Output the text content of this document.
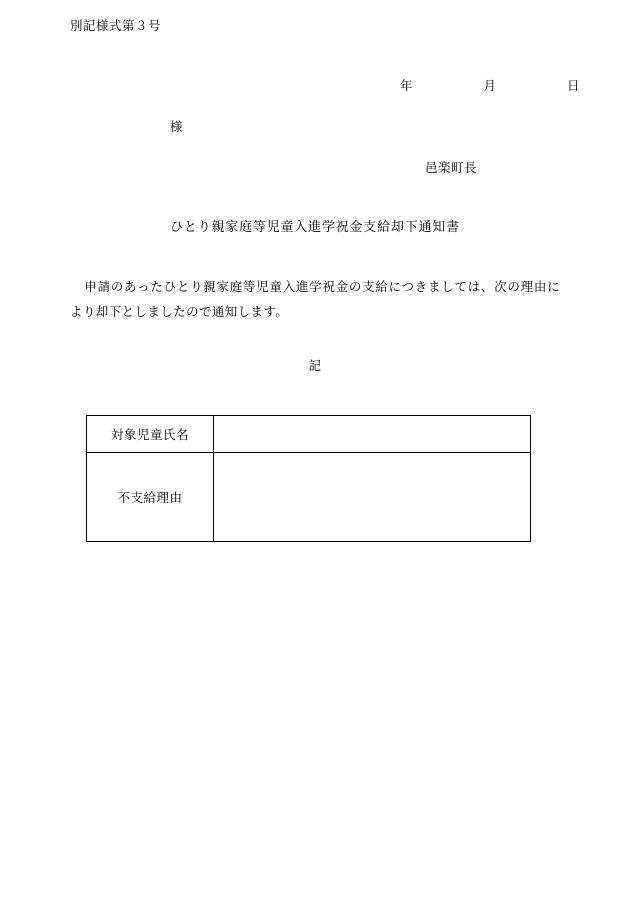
別記様式第３号
年	月	日
様
邑楽町長
ひとり親家庭等児童入進学祝金支給却下通知書
申請のあったひとり親家庭等児童入進学祝金の支給につきましては、次の理由により却下としましたので通知します。
記
対象児童氏名	
不支給理由	
